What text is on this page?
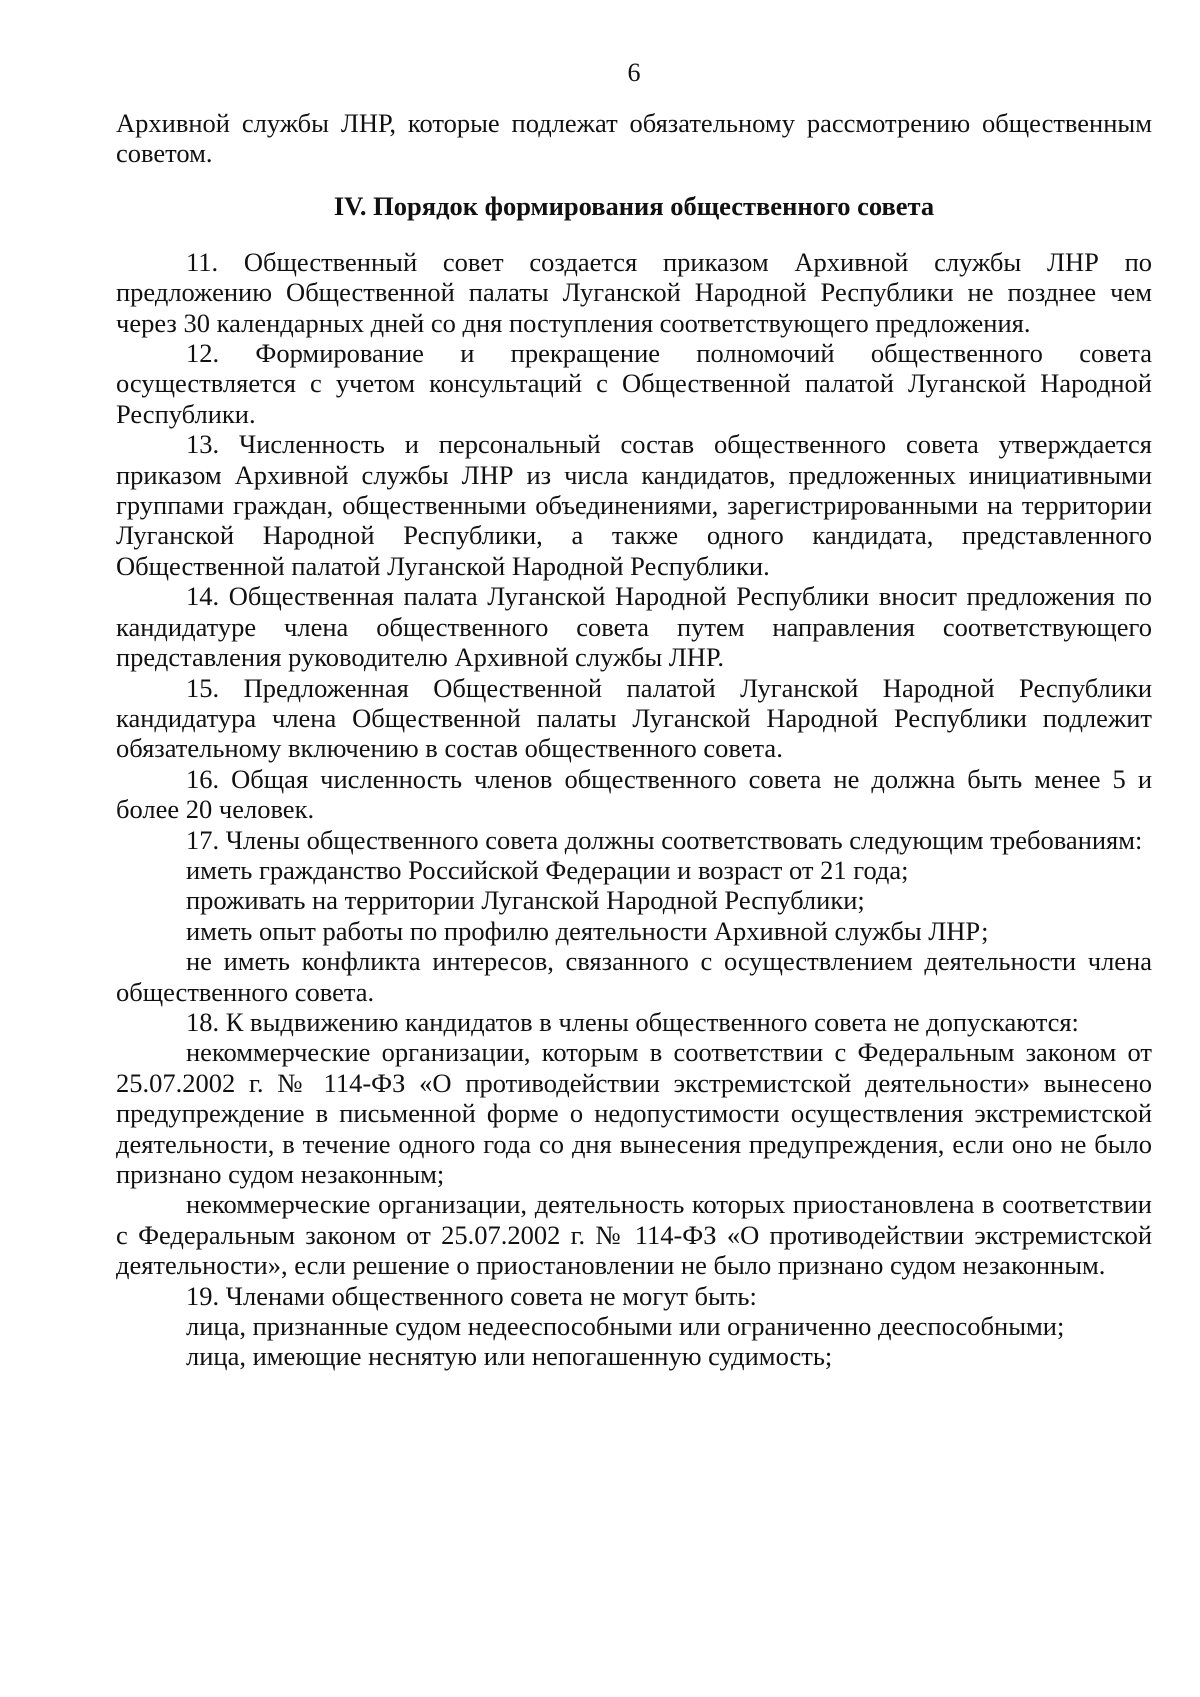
6

Архивной службы ЛНР, которые подлежат обязательному рассмотрению общественным советом.

IV. Порядок формирования общественного совета

11. Общественный совет создается приказом Архивной службы ЛНР по предложению Общественной палаты Луганской Народной Республики не позднее чем через 30 календарных дней со дня поступления соответствующего предложения.

12. Формирование и прекращение полномочий общественного совета осуществляется с учетом консультаций с Общественной палатой Луганской Народной Республики.

13. Численность и персональный состав общественного совета утверждается приказом Архивной службы ЛНР из числа кандидатов, предложенных инициативными группами граждан, общественными объединениями, зарегистрированными на территории Луганской Народной Республики, а также одного кандидата, представленного Общественной палатой Луганской Народной Республики.

14. Общественная палата Луганской Народной Республики вносит предложения по кандидатуре члена общественного совета путем направления соответствующего представления руководителю Архивной службы ЛНР.

15. Предложенная Общественной палатой Луганской Народной Республики кандидатура члена Общественной палаты Луганской Народной Республики подлежит обязательному включению в состав общественного совета.

16. Общая численность членов общественного совета не должна быть менее 5 и более 20 человек.

17. Члены общественного совета должны соответствовать следующим требованиям:

иметь гражданство Российской Федерации и возраст от 21 года;

проживать на территории Луганской Народной Республики;

иметь опыт работы по профилю деятельности Архивной службы ЛНР;

не иметь конфликта интересов, связанного с осуществлением деятельности члена общественного совета.

18. К выдвижению кандидатов в члены общественного совета не допускаются:

некоммерческие организации, которым в соответствии с Федеральным законом от 25.07.2002 г. № 114-ФЗ «О противодействии экстремистской деятельности» вынесено предупреждение в письменной форме о недопустимости осуществления экстремистской деятельности, в течение одного года со дня вынесения предупреждения, если оно не было признано судом незаконным;

некоммерческие организации, деятельность которых приостановлена в соответствии с Федеральным законом от 25.07.2002 г. № 114-ФЗ «О противодействии экстремистской деятельности», если решение о приостановлении не было признано судом незаконным.

19. Членами общественного совета не могут быть:

лица, признанные судом недееспособными или ограниченно дееспособными;

лица, имеющие неснятую или непогашенную судимость;
